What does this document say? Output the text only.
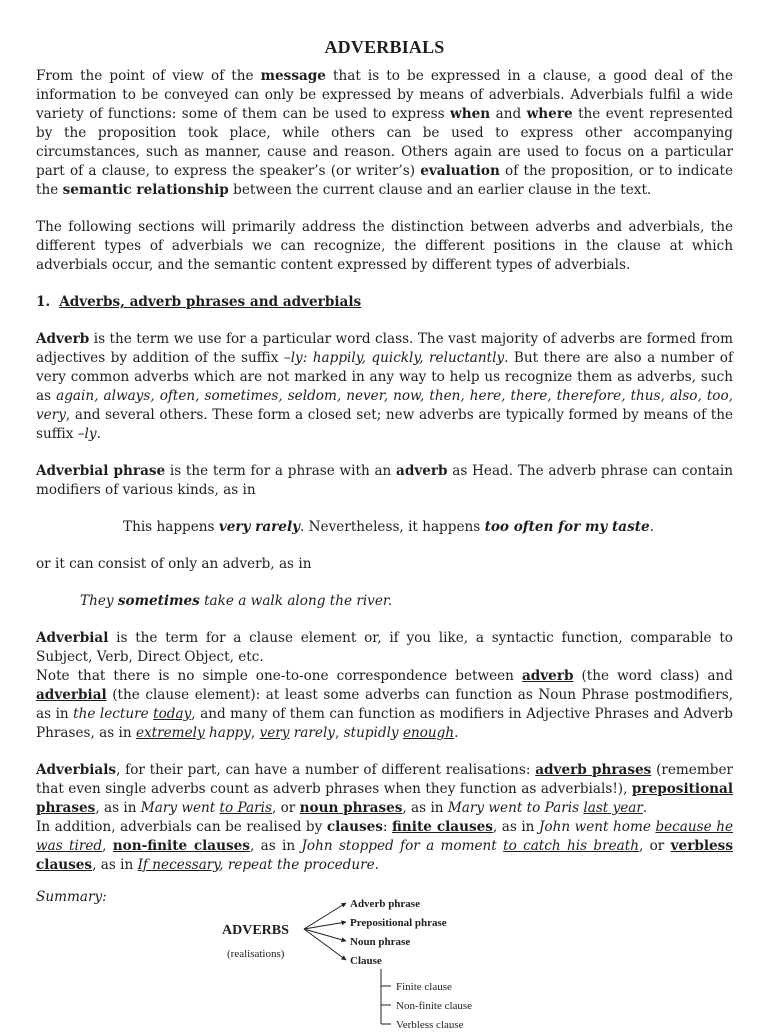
ADVERBIALS

From the point of view of the message that is to be expressed in a clause, a good deal of the information to be conveyed can only be expressed by means of adverbials. Adverbials fulfil a wide variety of functions: some of them can be used to express when and where the event represented by the proposition took place, while others can be used to express other accompanying circumstances, such as manner, cause and reason. Others again are used to focus on a particular part of a clause, to express the speaker’s (or writer’s) evaluation of the proposition, or to indicate the semantic relationship between the current clause and an earlier clause in the text.

The following sections will primarily address the distinction between adverbs and adverbials, the different types of adverbials we can recognize, the different positions in the clause at which adverbials occur, and the semantic content expressed by different types of adverbials.

1. Adverbs, adverb phrases and adverbials

Adverb is the term we use for a particular word class. The vast majority of adverbs are formed from adjectives by addition of the suffix –ly: happily, quickly, reluctantly. But there are also a number of very common adverbs which are not marked in any way to help us recognize them as adverbs, such as again, always, often, sometimes, seldom, never, now, then, here, there, therefore, thus, also, too, very, and several others. These form a closed set; new adverbs are typically formed by means of the suffix –ly.

Adverbial phrase is the term for a phrase with an adverb as Head. The adverb phrase can contain modifiers of various kinds, as in

This happens very rarely. Nevertheless, it happens too often for my taste.

or it can consist of only an adverb, as in

They sometimes take a walk along the river.

Adverbial is the term for a clause element or, if you like, a syntactic function, comparable to Subject, Verb, Direct Object, etc.

Note that there is no simple one-to-one correspondence between adverb (the word class) and adverbial (the clause element): at least some adverbs can function as Noun Phrase postmodifiers, as in the lecture today, and many of them can function as modifiers in Adjective Phrases and Adverb Phrases, as in extremely happy, very rarely, stupidly enough.

Adverbials, for their part, can have a number of different realisations: adverb phrases (remember that even single adverbs count as adverb phrases when they function as adverbials!), prepositional phrases, as in Mary went to Paris, or noun phrases, as in Mary went to Paris last year.

In addition, adverbials can be realised by clauses: finite clauses, as in John went home because he was tired, non-finite clauses, as in John stopped for a moment to catch his breath, or verbless clauses, as in If necessary, repeat the procedure.

Summary:
ADVERBS
(realisations)
Adverb phrase
Prepositional phrase
Noun phrase
Clause
Finite clause
Non-finite clause
Verbless clause
